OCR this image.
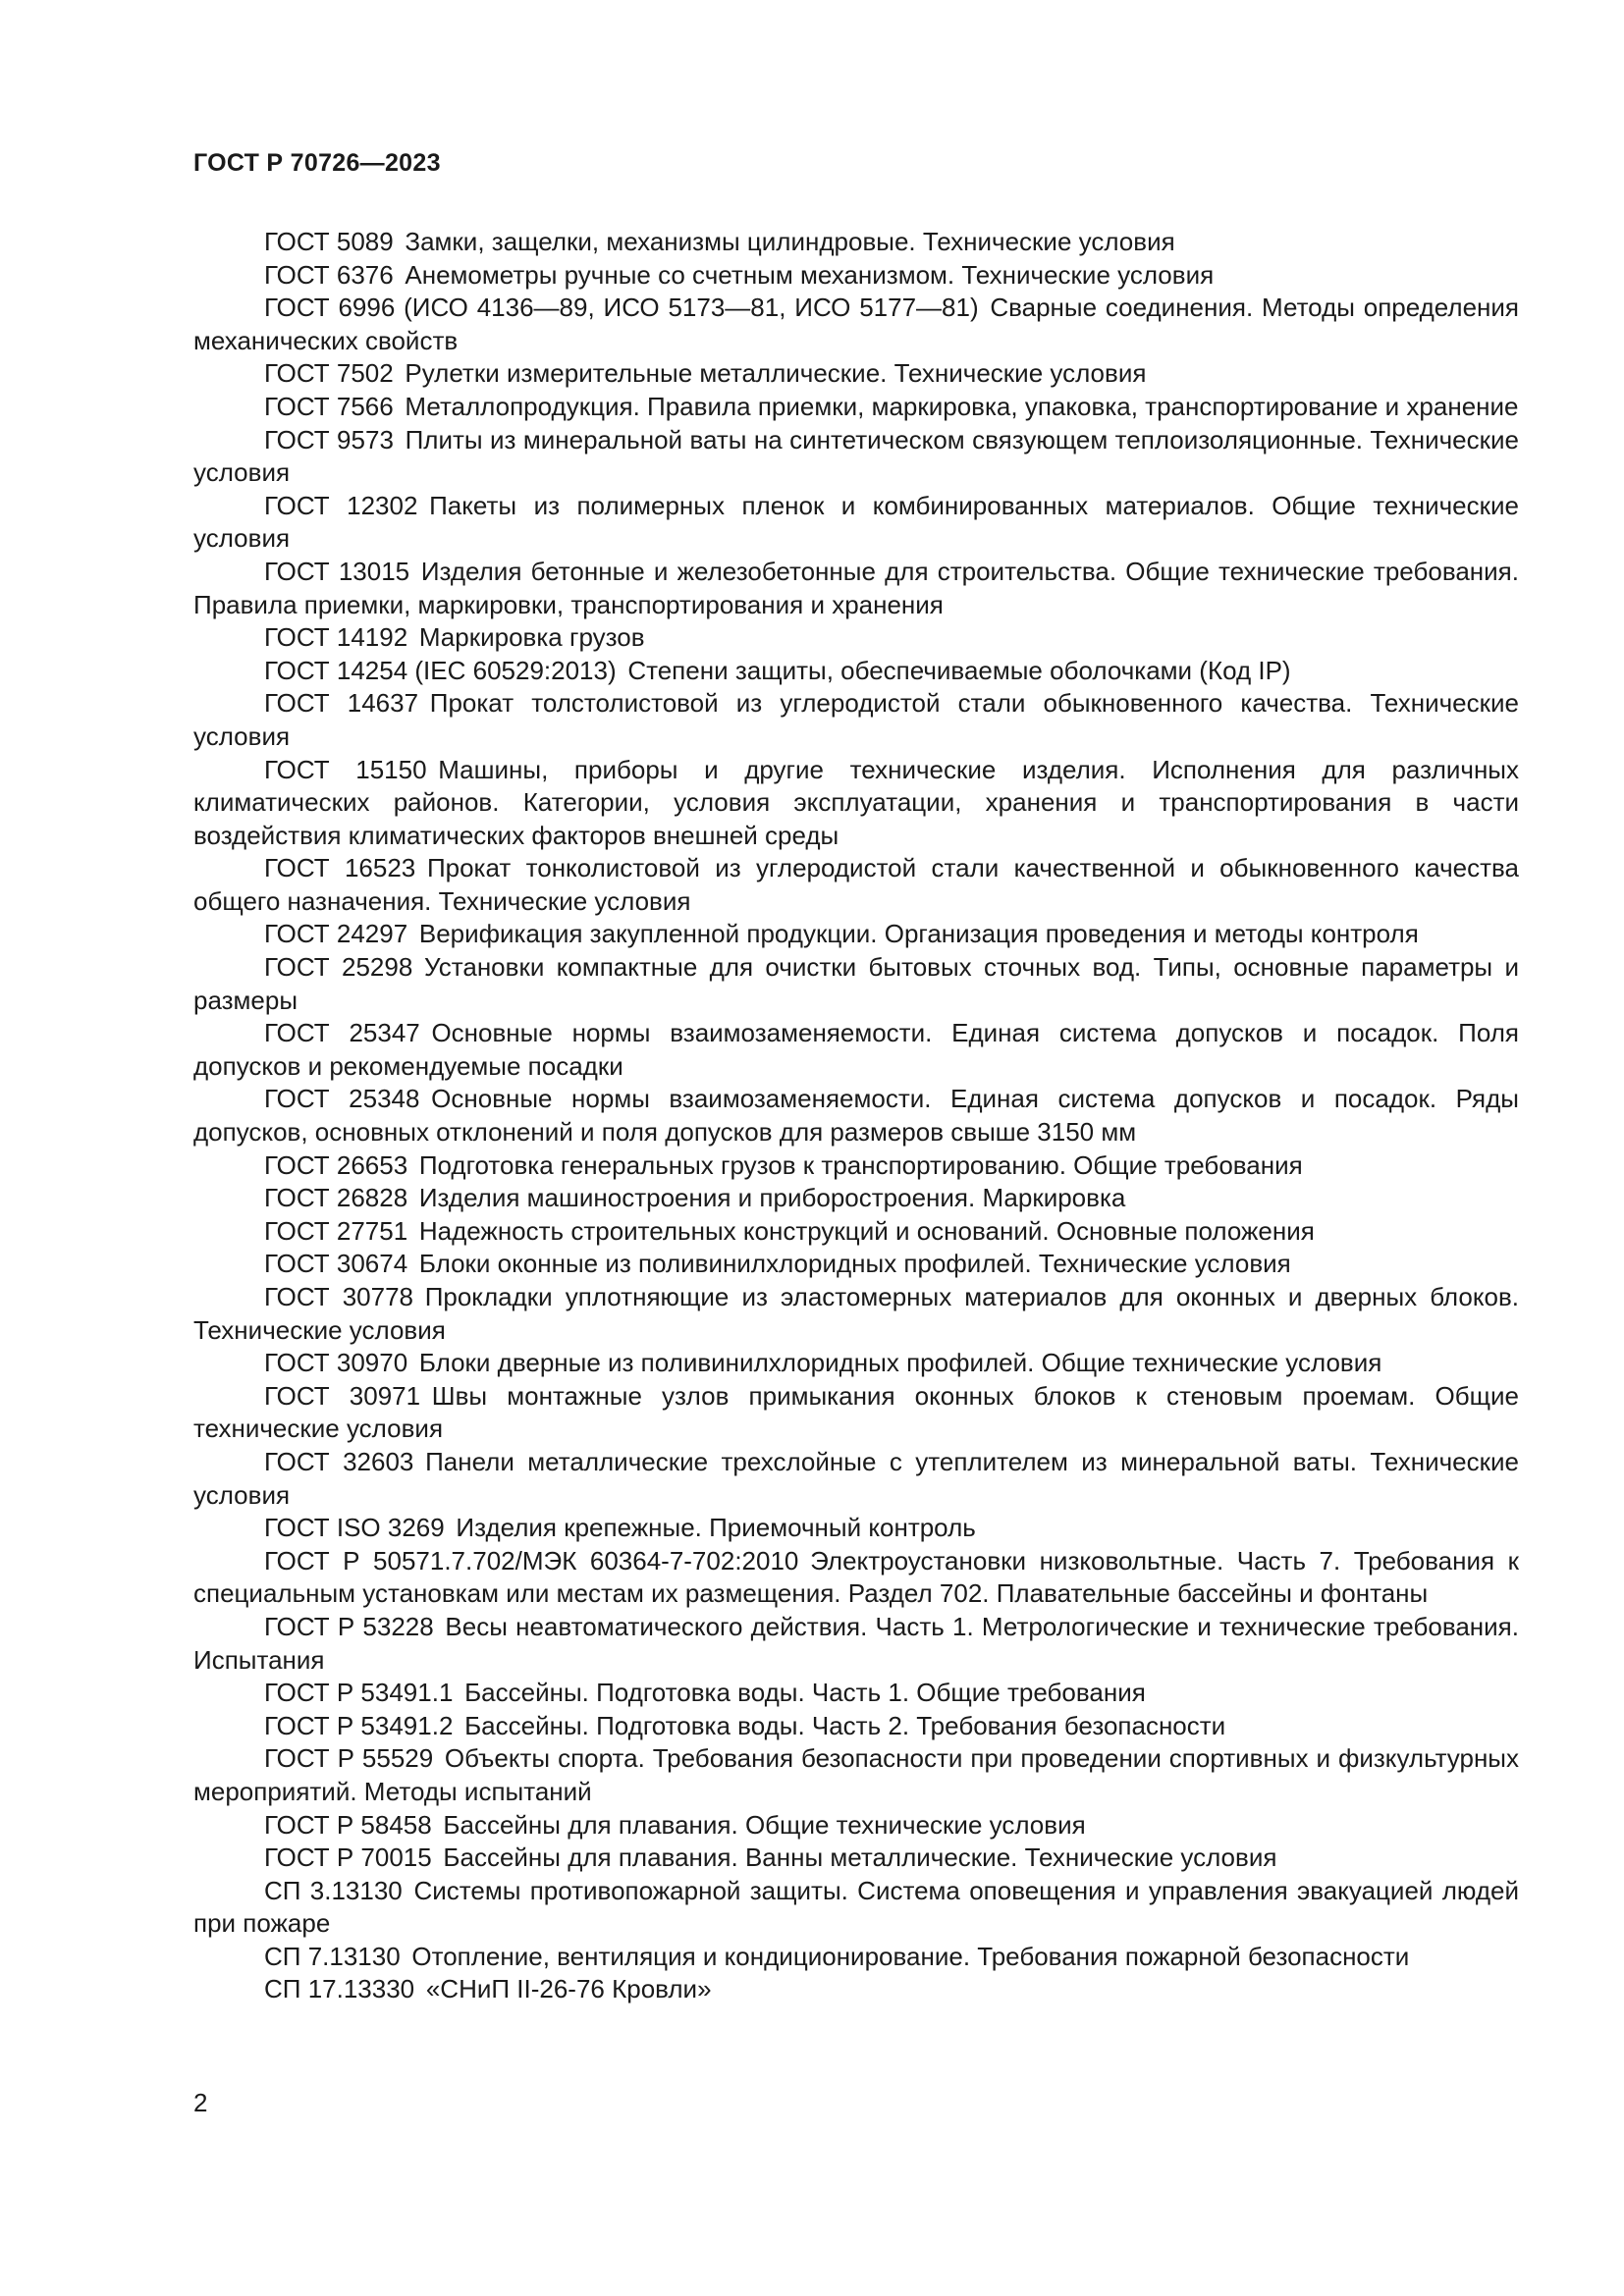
ГОСТ Р 70726—2023
ГОСТ 5089 Замки, защелки, механизмы цилиндровые. Технические условия
ГОСТ 6376 Анемометры ручные со счетным механизмом. Технические условия
ГОСТ 6996 (ИСО 4136—89, ИСО 5173—81, ИСО 5177—81) Сварные соединения. Методы определения механических свойств
ГОСТ 7502 Рулетки измерительные металлические. Технические условия
ГОСТ 7566 Металлопродукция. Правила приемки, маркировка, упаковка, транспортирование и хранение
ГОСТ 9573 Плиты из минеральной ваты на синтетическом связующем теплоизоляционные. Технические условия
ГОСТ 12302 Пакеты из полимерных пленок и комбинированных материалов. Общие технические условия
ГОСТ 13015 Изделия бетонные и железобетонные для строительства. Общие технические требования. Правила приемки, маркировки, транспортирования и хранения
ГОСТ 14192 Маркировка грузов
ГОСТ 14254 (IEC 60529:2013) Степени защиты, обеспечиваемые оболочками (Код IP)
ГОСТ 14637 Прокат толстолистовой из углеродистой стали обыкновенного качества. Технические условия
ГОСТ 15150 Машины, приборы и другие технические изделия. Исполнения для различных климатических районов. Категории, условия эксплуатации, хранения и транспортирования в части воздействия климатических факторов внешней среды
ГОСТ 16523 Прокат тонколистовой из углеродистой стали качественной и обыкновенного качества общего назначения. Технические условия
ГОСТ 24297 Верификация закупленной продукции. Организация проведения и методы контроля
ГОСТ 25298 Установки компактные для очистки бытовых сточных вод. Типы, основные параметры и размеры
ГОСТ 25347 Основные нормы взаимозаменяемости. Единая система допусков и посадок. Поля допусков и рекомендуемые посадки
ГОСТ 25348 Основные нормы взаимозаменяемости. Единая система допусков и посадок. Ряды допусков, основных отклонений и поля допусков для размеров свыше 3150 мм
ГОСТ 26653 Подготовка генеральных грузов к транспортированию. Общие требования
ГОСТ 26828 Изделия машиностроения и приборостроения. Маркировка
ГОСТ 27751 Надежность строительных конструкций и оснований. Основные положения
ГОСТ 30674 Блоки оконные из поливинилхлоридных профилей. Технические условия
ГОСТ 30778 Прокладки уплотняющие из эластомерных материалов для оконных и дверных блоков. Технические условия
ГОСТ 30970 Блоки дверные из поливинилхлоридных профилей. Общие технические условия
ГОСТ 30971 Швы монтажные узлов примыкания оконных блоков к стеновым проемам. Общие технические условия
ГОСТ 32603 Панели металлические трехслойные с утеплителем из минеральной ваты. Технические условия
ГОСТ ISO 3269 Изделия крепежные. Приемочный контроль
ГОСТ Р 50571.7.702/МЭК 60364-7-702:2010 Электроустановки низковольтные. Часть 7. Требования к специальным установкам или местам их размещения. Раздел 702. Плавательные бассейны и фонтаны
ГОСТ Р 53228 Весы неавтоматического действия. Часть 1. Метрологические и технические требования. Испытания
ГОСТ Р 53491.1 Бассейны. Подготовка воды. Часть 1. Общие требования
ГОСТ Р 53491.2 Бассейны. Подготовка воды. Часть 2. Требования безопасности
ГОСТ Р 55529 Объекты спорта. Требования безопасности при проведении спортивных и физкультурных мероприятий. Методы испытаний
ГОСТ Р 58458 Бассейны для плавания. Общие технические условия
ГОСТ Р 70015 Бассейны для плавания. Ванны металлические. Технические условия
СП 3.13130 Системы противопожарной защиты. Система оповещения и управления эвакуацией людей при пожаре
СП 7.13130 Отопление, вентиляция и кондиционирование. Требования пожарной безопасности
СП 17.13330 «СНиП II-26-76 Кровли»

2
